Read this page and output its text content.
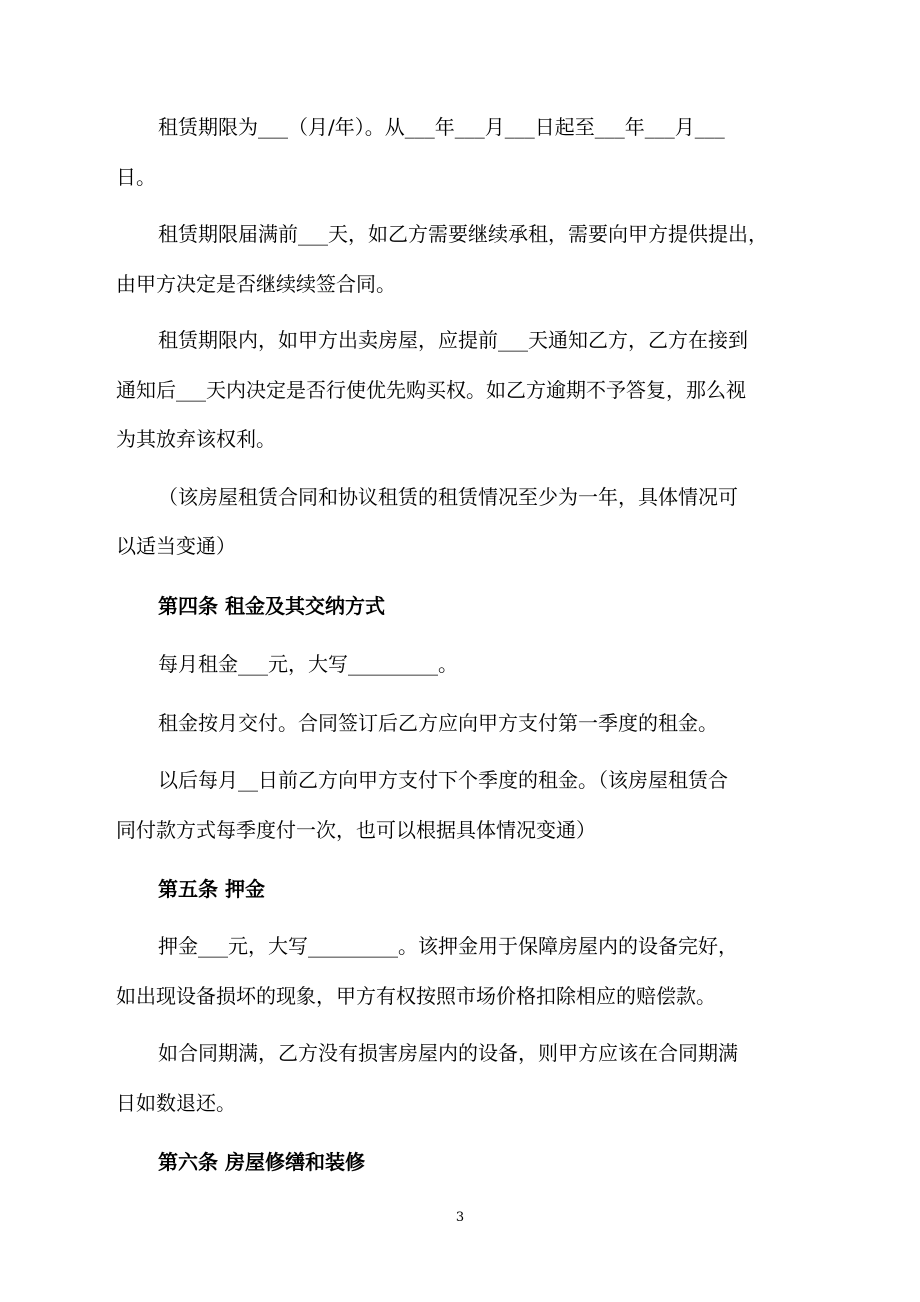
租赁期限为___（月/年）。从___年___月___日起至___年___月___
日。
租赁期限届满前___天，如乙方需要继续承租，需要向甲方提供提出，
由甲方决定是否继续续签合同。
租赁期限内，如甲方出卖房屋，应提前___天通知乙方，乙方在接到
通知后___天内决定是否行使优先购买权。如乙方逾期不予答复，那么视
为其放弃该权利。
（该房屋租赁合同和协议租赁的租赁情况至少为一年，具体情况可
以适当变通）
第四条 租金及其交纳方式
每月租金___元，大写_________。
租金按月交付。合同签订后乙方应向甲方支付第一季度的租金。
以后每月__日前乙方向甲方支付下个季度的租金。（该房屋租赁合
同付款方式每季度付一次，也可以根据具体情况变通）
第五条 押金
押金___元，大写_________。该押金用于保障房屋内的设备完好，
如出现设备损坏的现象，甲方有权按照市场价格扣除相应的赔偿款。
如合同期满，乙方没有损害房屋内的设备，则甲方应该在合同期满
日如数退还。
第六条 房屋修缮和装修
3
